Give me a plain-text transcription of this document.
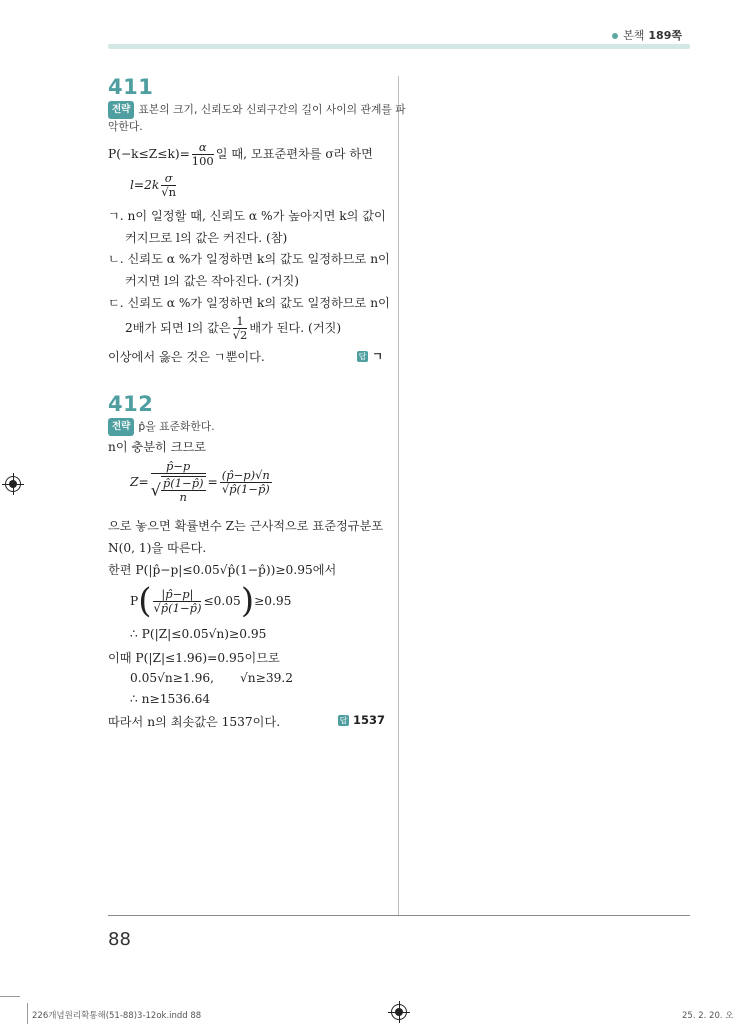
본책 189쪽
411
전략 표본의 크기, 신뢰도와 신뢰구간의 길이 사이의 관계를 파
악한다.
$P(-k\le Z\le k)= \frac{\alpha}{100}$ 일 때, 모표준편차를 σ라 하면
$l=2k \frac{\sigma}{√n}$
ㄱ. n이 일정할 때, 신뢰도 α %가 높아지면 k의 값이
커지므로 l의 값은 커진다. (참)
ㄴ. 신뢰도 α %가 일정하면 k의 값도 일정하므로 n이
커지면 l의 값은 작아진다. (거짓)
ㄷ. 신뢰도 α %가 일정하면 k의 값도 일정하므로 n이
2배가 되면 l의 값은 $\frac{1}{√2}$ 배가 된다. (거짓)
이상에서 옳은 것은 ㄱ뿐이다.	답 ㄱ
412
전략 p̂을 표준화한다.
n이 충분히 크므로
$Z= \frac{p̂-p}{√ \frac{p̂(1-p̂)}{n}} = \frac{(p̂-p)√n}{√p̂(1-p̂)}$
으로 놓으면 확률변수 Z는 근사적으로 표준정규분포
N(0, 1)을 따른다.
한편 P(|p̂−p|≤0.05√p̂(1−p̂))≥0.95에서
$P( \frac{|p̂-p|}{√p̂(1-p̂)} \le 0.05)\ge 0.95$
∴ P(|Z|≤0.05√n)≥0.95
이때 P(|Z|≤1.96)=0.95이므로
0.05√n≥1.96, √n≥39.2
∴ n≥1536.64
따라서 n의 최솟값은 1537이다.	답 1537
88
226개념원리확통해(51-88)3-12ok.indd 88	25. 2. 20. 오
